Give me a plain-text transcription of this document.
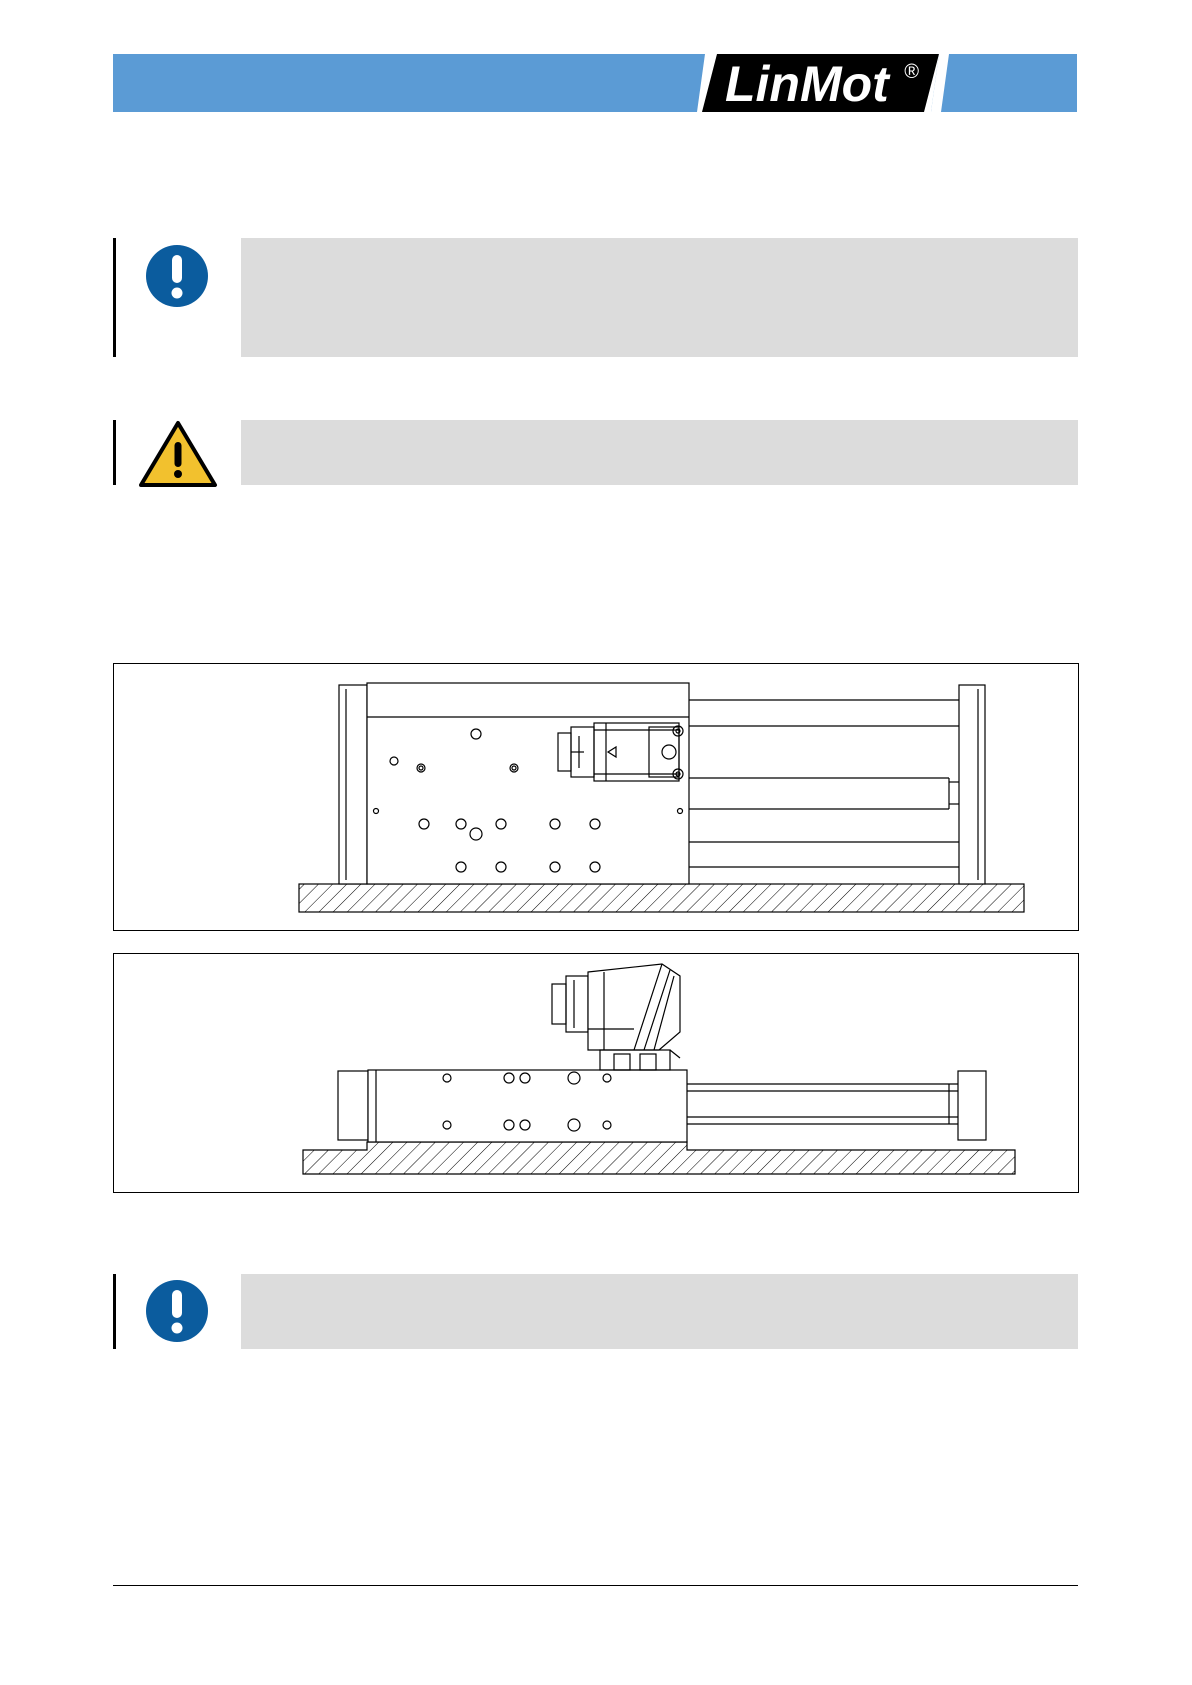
LinMot ®
